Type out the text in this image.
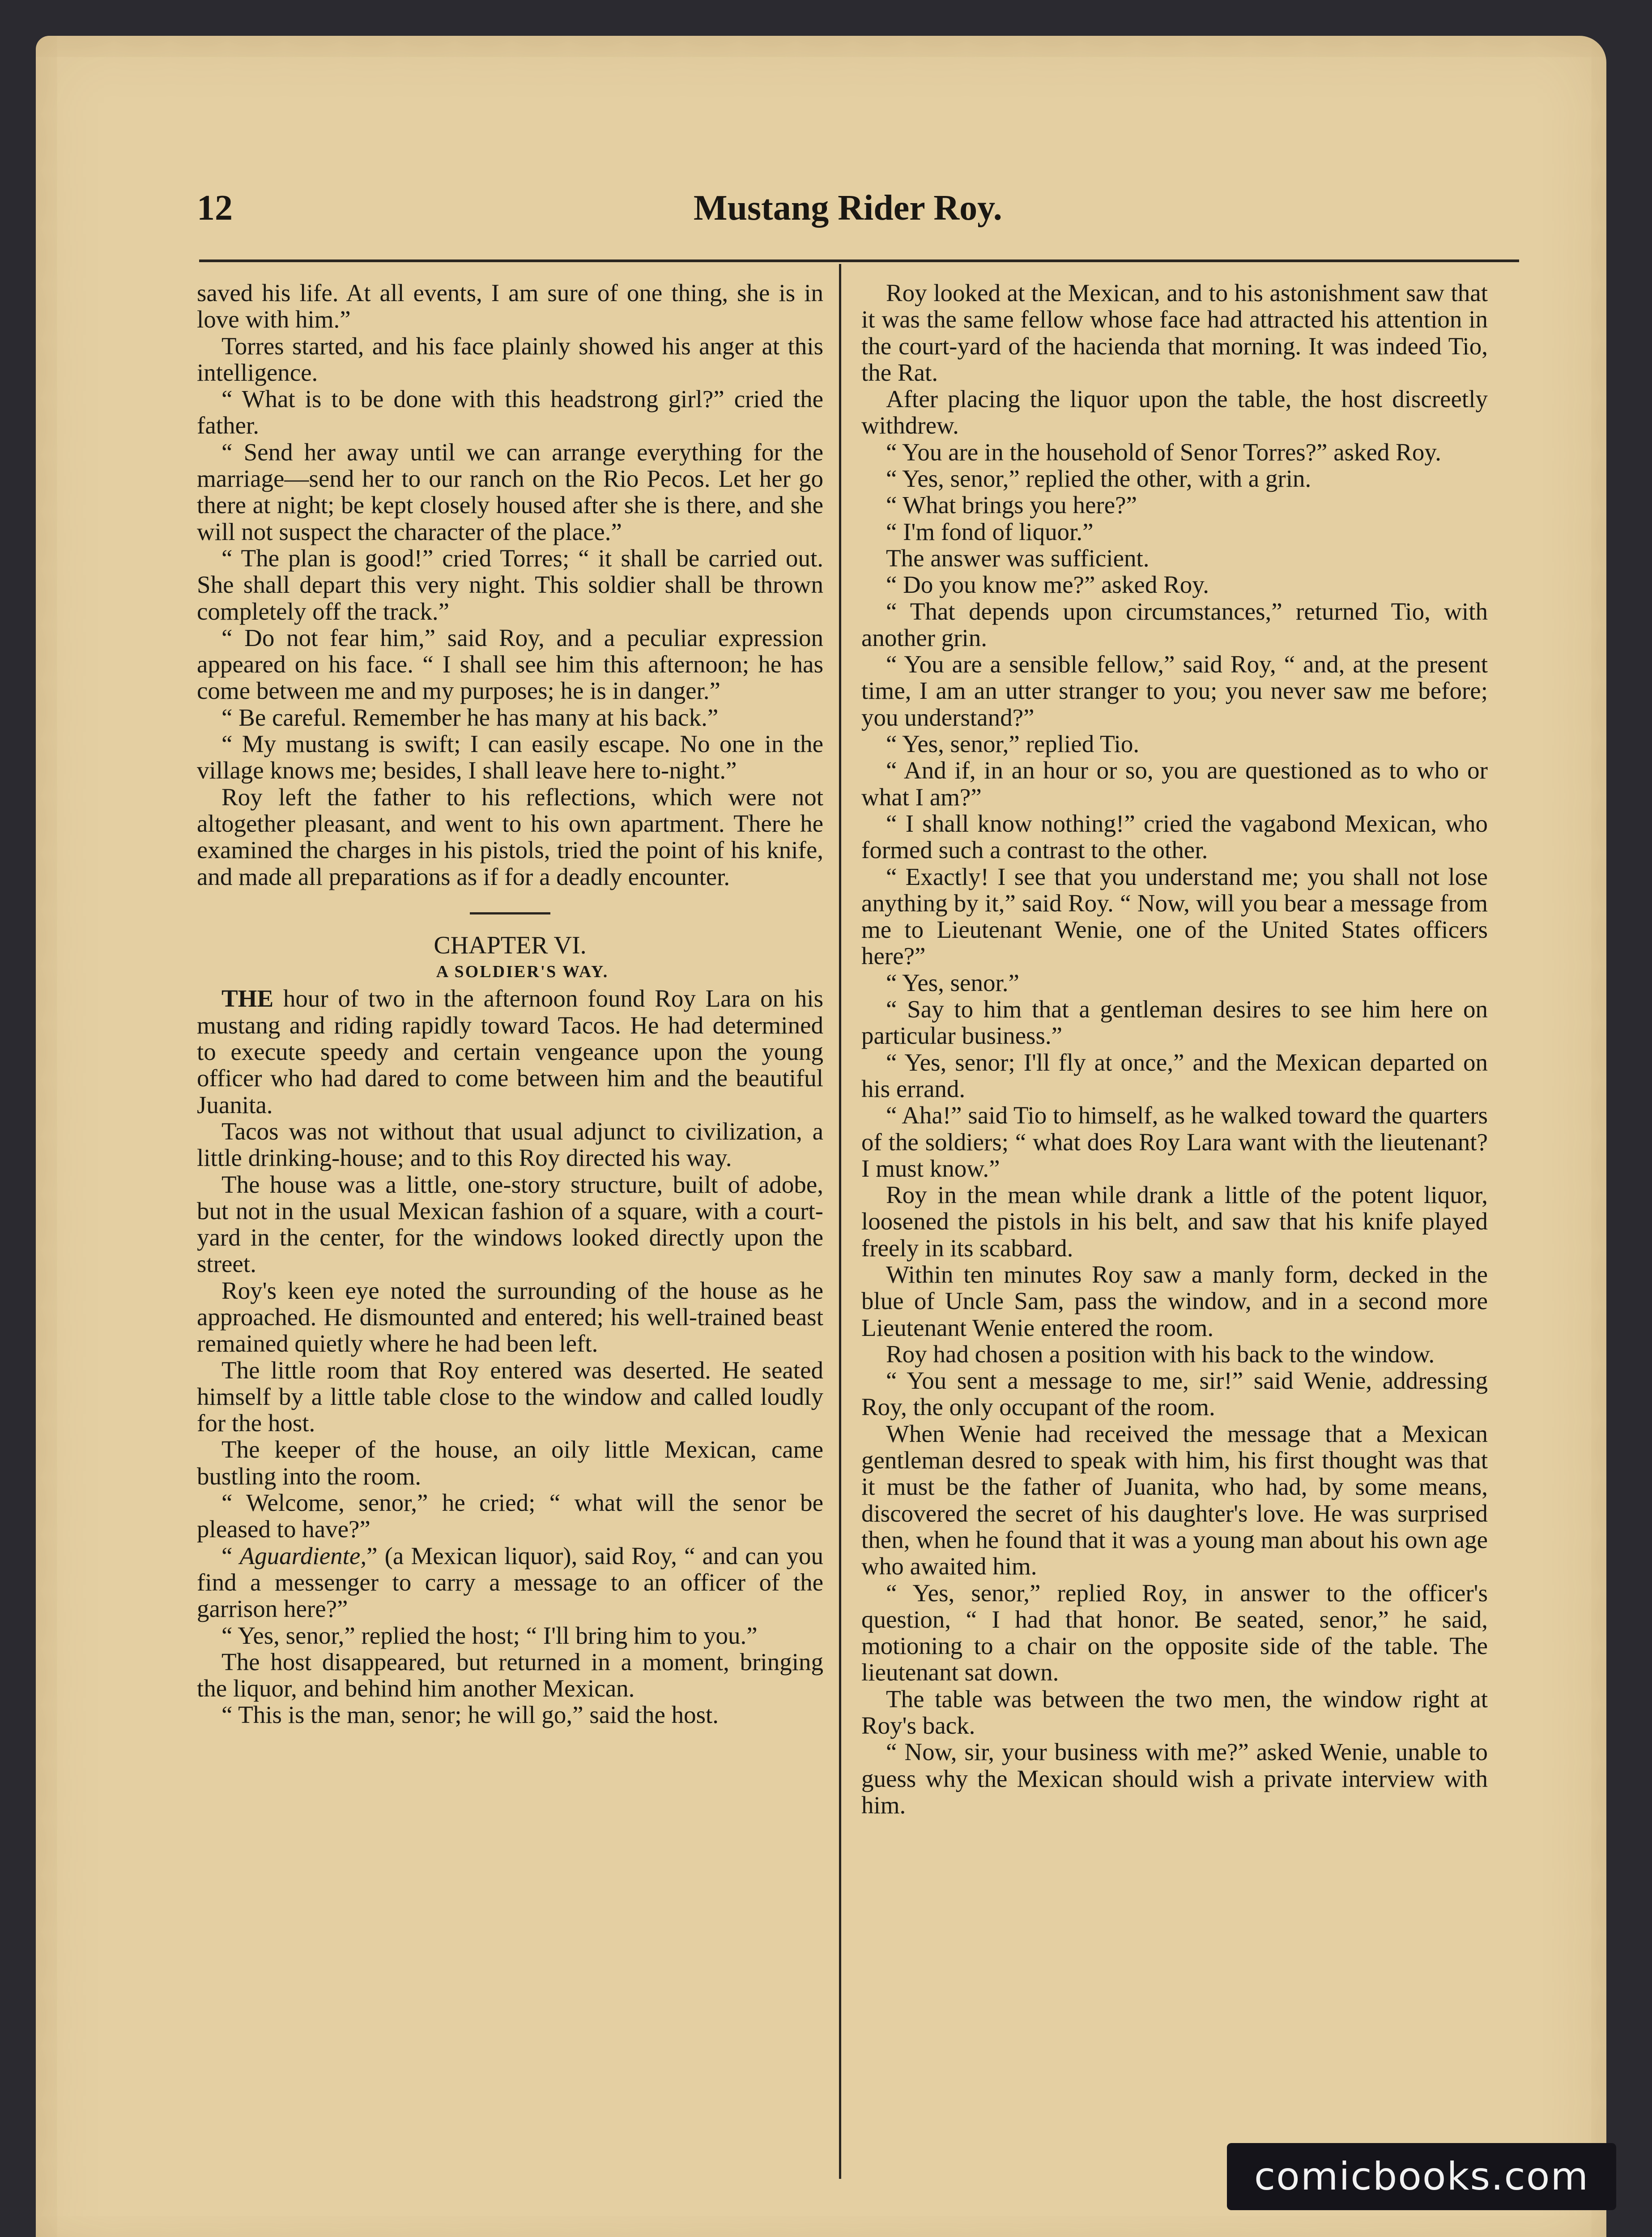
12	Mustang Rider Roy.

saved his life. At all events, I am sure of one thing, she is in love with him.”

Torres started, and his face plainly showed his anger at this intelligence.

“ What is to be done with this headstrong girl?” cried the father.

“ Send her away until we can arrange everything for the marriage—send her to our ranch on the Rio Pecos. Let her go there at night; be kept closely housed after she is there, and she will not suspect the character of the place.”

“ The plan is good!” cried Torres; “ it shall be carried out. She shall depart this very night. This soldier shall be thrown completely off the track.”

“ Do not fear him,” said Roy, and a peculiar expression appeared on his face. “ I shall see him this afternoon; he has come between me and my purposes; he is in danger.”

“ Be careful. Remember he has many at his back.”

“ My mustang is swift; I can easily escape. No one in the village knows me; besides, I shall leave here to-night.”

Roy left the father to his reflections, which were not altogether pleasant, and went to his own apartment. There he examined the charges in his pistols, tried the point of his knife, and made all preparations as if for a deadly encounter.

CHAPTER VI.

A SOLDIER'S WAY.

THE hour of two in the afternoon found Roy Lara on his mustang and riding rapidly toward Tacos. He had determined to execute speedy and certain vengeance upon the young officer who had dared to come between him and the beautiful Juanita.

Tacos was not without that usual adjunct to civilization, a little drinking-house; and to this Roy directed his way.

The house was a little, one-story structure, built of adobe, but not in the usual Mexican fashion of a square, with a court-yard in the center, for the windows looked directly upon the street.

Roy's keen eye noted the surrounding of the house as he approached. He dismounted and entered; his well-trained beast remained quietly where he had been left.

The little room that Roy entered was deserted. He seated himself by a little table close to the window and called loudly for the host.

The keeper of the house, an oily little Mexican, came bustling into the room.

“ Welcome, senor,” he cried; “ what will the senor be pleased to have?”

“ Aguardiente,” (a Mexican liquor), said Roy, “ and can you find a messenger to carry a message to an officer of the garrison here?”

“ Yes, senor,” replied the host; “ I'll bring him to you.”

The host disappeared, but returned in a moment, bringing the liquor, and behind him another Mexican.

“ This is the man, senor; he will go,” said the host.

Roy looked at the Mexican, and to his astonishment saw that it was the same fellow whose face had attracted his attention in the court-yard of the hacienda that morning. It was indeed Tio, the Rat.

After placing the liquor upon the table, the host discreetly withdrew.

“ You are in the household of Senor Torres?” asked Roy.

“ Yes, senor,” replied the other, with a grin.

“ What brings you here?”

“ I'm fond of liquor.”

The answer was sufficient.

“ Do you know me?” asked Roy.

“ That depends upon circumstances,” returned Tio, with another grin.

“ You are a sensible fellow,” said Roy, “ and, at the present time, I am an utter stranger to you; you never saw me before; you understand?”

“ Yes, senor,” replied Tio.

“ And if, in an hour or so, you are questioned as to who or what I am?”

“ I shall know nothing!” cried the vagabond Mexican, who formed such a contrast to the other.

“ Exactly! I see that you understand me; you shall not lose anything by it,” said Roy. “ Now, will you bear a message from me to Lieutenant Wenie, one of the United States officers here?”

“ Yes, senor.”

“ Say to him that a gentleman desires to see him here on particular business.”

“ Yes, senor; I'll fly at once,” and the Mexican departed on his errand.

“ Aha!” said Tio to himself, as he walked toward the quarters of the soldiers; “ what does Roy Lara want with the lieutenant? I must know.”

Roy in the mean while drank a little of the potent liquor, loosened the pistols in his belt, and saw that his knife played freely in its scabbard.

Within ten minutes Roy saw a manly form, decked in the blue of Uncle Sam, pass the window, and in a second more Lieutenant Wenie entered the room.

Roy had chosen a position with his back to the window.

“ You sent a message to me, sir!” said Wenie, addressing Roy, the only occupant of the room.

When Wenie had received the message that a Mexican gentleman desred to speak with him, his first thought was that it must be the father of Juanita, who had, by some means, discovered the secret of his daughter's love. He was surprised then, when he found that it was a young man about his own age who awaited him.

“ Yes, senor,” replied Roy, in answer to the officer's question, “ I had that honor. Be seated, senor,” he said, motioning to a chair on the opposite side of the table. The lieutenant sat down.

The table was between the two men, the window right at Roy's back.

“ Now, sir, your business with me?” asked Wenie, unable to guess why the Mexican should wish a private interview with him.

comicbooks.com
